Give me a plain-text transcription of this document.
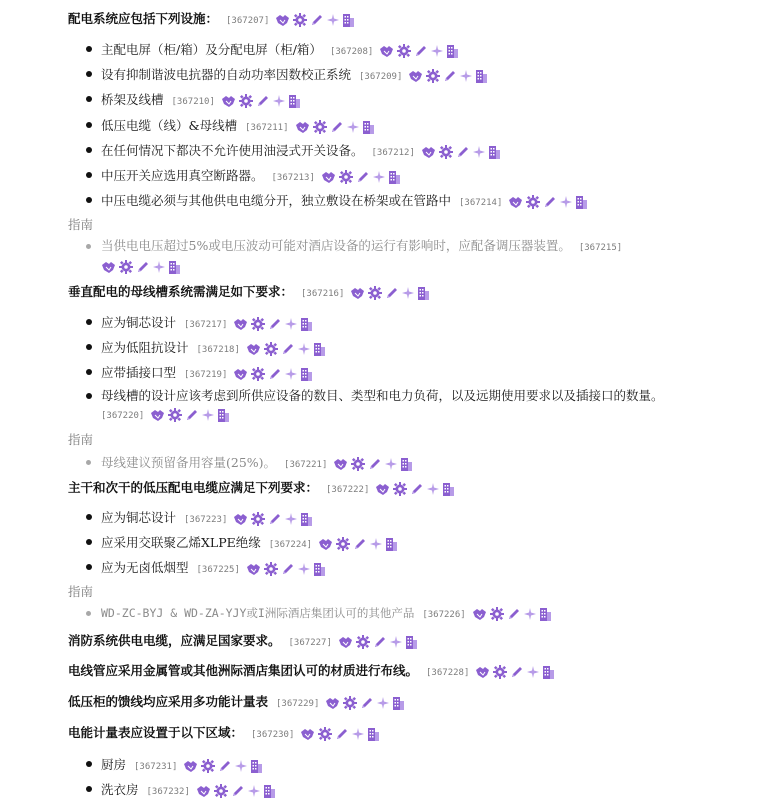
配电系统应包括下列设施： [367207]
主配电屏（柜/箱）及分配电屏（柜/箱） [367208]
设有抑制谐波电抗器的自动功率因数校正系统 [367209]
桥架及线槽 [367210]
低压电缆（线）&母线槽 [367211]
在任何情况下都决不允许使用油浸式开关设备。 [367212]
中压开关应选用真空断路器。 [367213]
中压电缆必须与其他供电电缆分开，独立敷设在桥架或在管路中 [367214]
指南
当供电电压超过5%或电压波动可能对酒店设备的运行有影响时，应配备调压器装置。 [367215]

垂直配电的母线槽系统需满足如下要求： [367216]
应为铜芯设计 [367217]
应为低阻抗设计 [367218]
应带插接口型 [367219]
母线槽的设计应该考虑到所供应设备的数目、类型和电力负荷，以及远期使用要求以及插接口的数量。
[367220]
指南
母线建议预留备用容量(25%)。 [367221]
主干和次干的低压配电电缆应满足下列要求： [367222]
应为铜芯设计 [367223]
应采用交联聚乙烯XLPE绝缘 [367224]
应为无卤低烟型 [367225]
指南
WD-ZC-BYJ & WD-ZA-YJY或I洲际酒店集团认可的其他产品 [367226]
消防系统供电电缆，应满足国家要求。 [367227]
电线管应采用金属管或其他洲际酒店集团认可的材质进行布线。 [367228]
低压柜的馈线均应采用多功能计量表 [367229]
电能计量表应设置于以下区域： [367230]
厨房 [367231]
洗衣房 [367232]
